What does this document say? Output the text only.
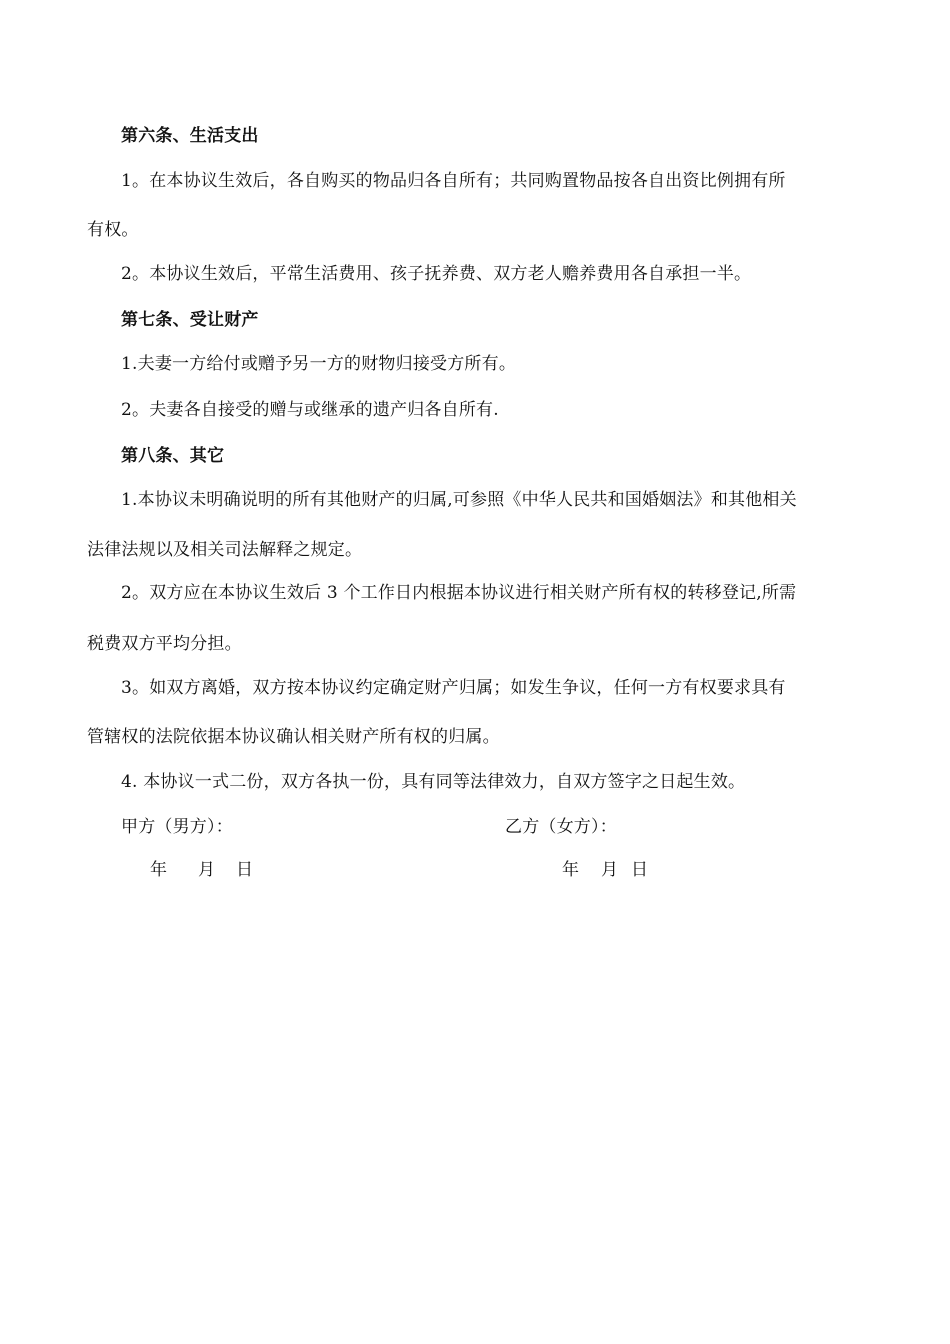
第六条、生活支出
1。在本协议生效后，各自购买的物品归各自所有；共同购置物品按各自出资比例拥有所
有权。
2。本协议生效后，平常生活费用、孩子抚养费、双方老人赡养费用各自承担一半。
第七条、受让财产
1.夫妻一方给付或赠予另一方的财物归接受方所有。
2。夫妻各自接受的赠与或继承的遗产归各自所有.
第八条、其它
1.本协议未明确说明的所有其他财产的归属,可参照《中华人民共和国婚姻法》和其他相关
法律法规以及相关司法解释之规定。
2。双方应在本协议生效后 3 个工作日内根据本协议进行相关财产所有权的转移登记,所需
税费双方平均分担。
3。如双方离婚，双方按本协议约定确定财产归属；如发生争议，任何一方有权要求具有
管辖权的法院依据本协议确认相关财产所有权的归属。
4. 本协议一式二份，双方各执一份，具有同等法律效力，自双方签字之日起生效。
甲方（男方）：	乙方（女方）：
年 月 日	年 月 日
